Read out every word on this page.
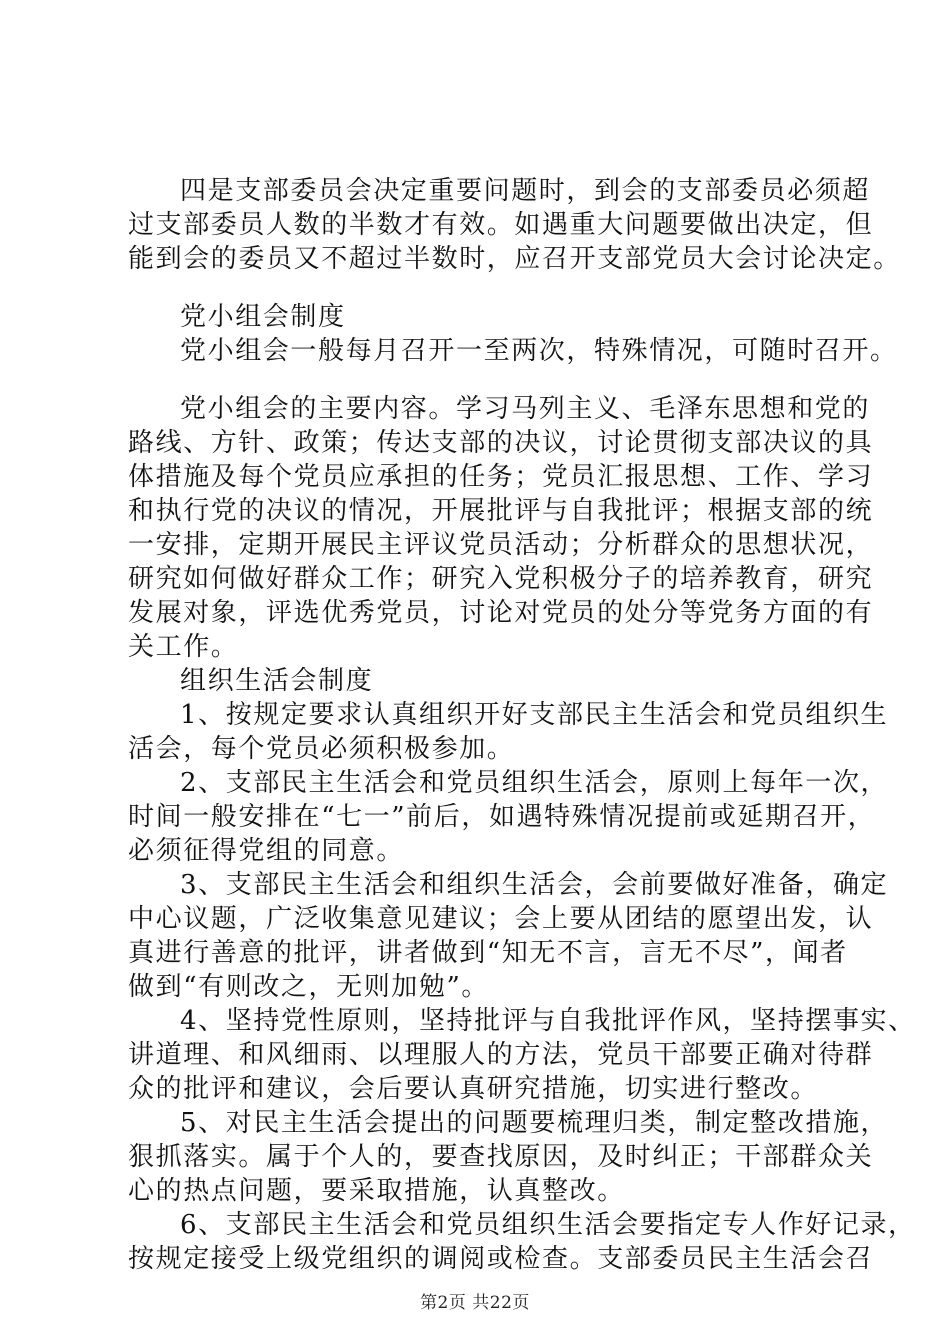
四是支部委员会决定重要问题时，到会的支部委员必须超
过支部委员人数的半数才有效。如遇重大问题要做出决定，但
能到会的委员又不超过半数时，应召开支部党员大会讨论决定。
党小组会制度
党小组会一般每月召开一至两次，特殊情况，可随时召开。
党小组会的主要内容。学习马列主义、毛泽东思想和党的
路线、方针、政策；传达支部的决议，讨论贯彻支部决议的具
体措施及每个党员应承担的任务；党员汇报思想、工作、学习
和执行党的决议的情况，开展批评与自我批评；根据支部的统
一安排，定期开展民主评议党员活动；分析群众的思想状况，
研究如何做好群众工作；研究入党积极分子的培养教育，研究
发展对象，评选优秀党员，讨论对党员的处分等党务方面的有
关工作。
组织生活会制度
1、按规定要求认真组织开好支部民主生活会和党员组织生
活会，每个党员必须积极参加。
2、支部民主生活会和党员组织生活会，原则上每年一次，
时间一般安排在“七一”前后，如遇特殊情况提前或延期召开，
必须征得党组的同意。
3、支部民主生活会和组织生活会，会前要做好准备，确定
中心议题，广泛收集意见建议；会上要从团结的愿望出发，认
真进行善意的批评，讲者做到“知无不言，言无不尽”，闻者
做到“有则改之，无则加勉”。
4、坚持党性原则，坚持批评与自我批评作风，坚持摆事实、
讲道理、和风细雨、以理服人的方法，党员干部要正确对待群
众的批评和建议，会后要认真研究措施，切实进行整改。
5、对民主生活会提出的问题要梳理归类，制定整改措施，
狠抓落实。属于个人的，要查找原因，及时纠正；干部群众关
心的热点问题，要采取措施，认真整改。
6、支部民主生活会和党员组织生活会要指定专人作好记录，
按规定接受上级党组织的调阅或检查。支部委员民主生活会召
第2页 共22页
